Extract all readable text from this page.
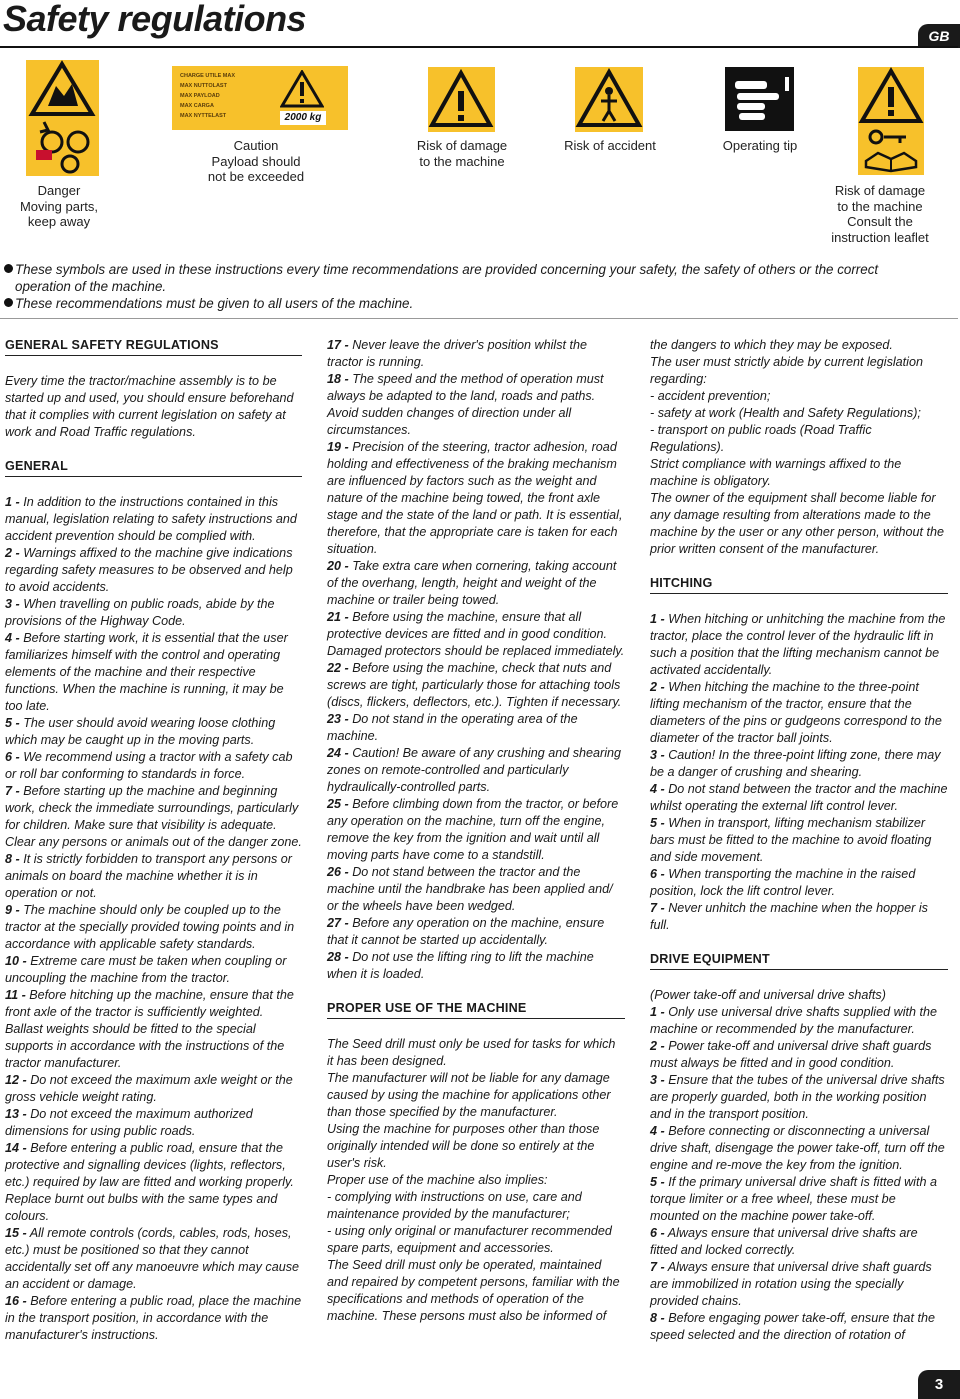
Safety regulations	GB
CHARGE UTILE MAX
MAX NUTTOLAST
MAX PAYLOAD
MAX CARGA
MAX NYTTELAST	2000 kg
Danger
Moving parts,
keep away
Caution
Payload should
not be exceeded
Risk of damage
to the machine
Risk of accident	Operating tip
Risk of damage
to the machine
Consult the
instruction leaflet
These symbols are used in these instructions every time recommendations are provided concerning your safety, the safety of others or the correct
operation of the machine.
These recommendations must be given to all users of the machine.
GENERAL SAFETY REGULATIONS

Every time the tractor/machine assembly is to be started up and used, you should ensure beforehand that it complies with current legislation on safety at work and Road Traffic regulations.

GENERAL

1 - In addition to the instructions contained in this manual, legislation relating to safety instructions and accident prevention should be complied with.

2 - Warnings affixed to the machine give indications regarding safety measures to be observed and help to avoid accidents.

3 - When travelling on public roads, abide by the provisions of the Highway Code.

4 - Before starting work, it is essential that the user familiarizes himself with the control and operating elements of the machine and their respective functions. When the machine is running, it may be too late.

5 - The user should avoid wearing loose clothing which may be caught up in the moving parts.

6 - We recommend using a tractor with a safety cab or roll bar conforming to standards in force.

7 - Before starting up the machine and beginning work, check the immediate surroundings, particularly for children. Make sure that visibility is adequate. Clear any persons or animals out of the danger zone.

8 - It is strictly forbidden to transport any persons or animals on board the machine whether it is in operation or not.

9 - The machine should only be coupled up to the tractor at the specially provided towing points and in accordance with applicable safety standards.

10 - Extreme care must be taken when coupling or uncoupling the machine from the tractor.

11 - Before hitching up the machine, ensure that the front axle of the tractor is sufficiently weighted. Ballast weights should be fitted to the special supports in accordance with the instructions of the tractor manufacturer.

12 - Do not exceed the maximum axle weight or the gross vehicle weight rating.

13 - Do not exceed the maximum authorized dimensions for using public roads.

14 - Before entering a public road, ensure that the protective and signalling devices (lights, reflectors, etc.) required by law are fitted and working properly. Replace burnt out bulbs with the same types and colours.

15 - All remote controls (cords, cables, rods, hoses, etc.) must be positioned so that they cannot accidentally set off any manoeuvre which may cause an accident or damage.

16 - Before entering a public road, place the machine in the transport position, in accordance with the manufacturer's instructions.

17 - Never leave the driver's position whilst the tractor is running.

18 - The speed and the method of operation must always be adapted to the land, roads and paths. Avoid sudden changes of direction under all circumstances.

19 - Precision of the steering, tractor adhesion, road holding and effectiveness of the braking mechanism are influenced by factors such as the weight and nature of the machine being towed, the front axle stage and the state of the land or path. It is essential, therefore, that the appropriate care is taken for each situation.

20 - Take extra care when cornering, taking account of the overhang, length, height and weight of the machine or trailer being towed.

21 - Before using the machine, ensure that all protective devices are fitted and in good condition. Damaged protectors should be replaced immediately.

22 - Before using the machine, check that nuts and screws are tight, particularly those for attaching tools (discs, flickers, deflectors, etc.). Tighten if necessary.

23 - Do not stand in the operating area of the machine.

24 - Caution! Be aware of any crushing and shearing zones on remote-controlled and particularly hydraulically-controlled parts.

25 - Before climbing down from the tractor, or before any operation on the machine, turn off the engine, remove the key from the ignition and wait until all moving parts have come to a standstill.

26 - Do not stand between the tractor and the machine until the handbrake has been applied and/ or the wheels have been wedged.

27 - Before any operation on the machine, ensure that it cannot be started up accidentally.

28 - Do not use the lifting ring to lift the machine when it is loaded.

PROPER USE OF THE MACHINE

The Seed drill must only be used for tasks for which it has been designed.

The manufacturer will not be liable for any damage caused by using the machine for applications other than those specified by the manufacturer.

Using the machine for purposes other than those originally intended will be done so entirely at the user's risk.

Proper use of the machine also implies:

- complying with instructions on use, care and maintenance provided by the manufacturer;

- using only original or manufacturer recommended spare parts, equipment and accessories.

The Seed drill must only be operated, maintained and repaired by competent persons, familiar with the specifications and methods of operation of the machine. These persons must also be informed of

the dangers to which they may be exposed.

The user must strictly abide by current legislation regarding:

- accident prevention;

- safety at work (Health and Safety Regulations);

- transport on public roads (Road Traffic Regulations).

Strict compliance with warnings affixed to the machine is obligatory.

The owner of the equipment shall become liable for any damage resulting from alterations made to the machine by the user or any other person, without the prior written consent of the manufacturer.

HITCHING

1 - When hitching or unhitching the machine from the tractor, place the control lever of the hydraulic lift in such a position that the lifting mechanism cannot be activated accidentally.

2 - When hitching the machine to the three-point lifting mechanism of the tractor, ensure that the diameters of the pins or gudgeons correspond to the diameter of the tractor ball joints.

3 - Caution! In the three-point lifting zone, there may be a danger of crushing and shearing.

4 - Do not stand between the tractor and the machine whilst operating the external lift control lever.

5 - When in transport, lifting mechanism stabilizer bars must be fitted to the machine to avoid floating and side movement.

6 - When transporting the machine in the raised position, lock the lift control lever.

7 - Never unhitch the machine when the hopper is full.

DRIVE EQUIPMENT

(Power take-off and universal drive shafts)

1 - Only use universal drive shafts supplied with the machine or recommended by the manufacturer.

2 - Power take-off and universal drive shaft guards must always be fitted and in good condition.

3 - Ensure that the tubes of the universal drive shafts are properly guarded, both in the working position and in the transport position.

4 - Before connecting or disconnecting a universal drive shaft, disengage the power take-off, turn off the engine and re-move the key from the ignition.

5 - If the primary universal drive shaft is fitted with a torque limiter or a free wheel, these must be mounted on the machine power take-off.

6 - Always ensure that universal drive shafts are fitted and locked correctly.

7 - Always ensure that universal drive shaft guards are immobilized in rotation using the specially provided chains.

8 - Before engaging power take-off, ensure that the speed selected and the direction of rotation of

3
